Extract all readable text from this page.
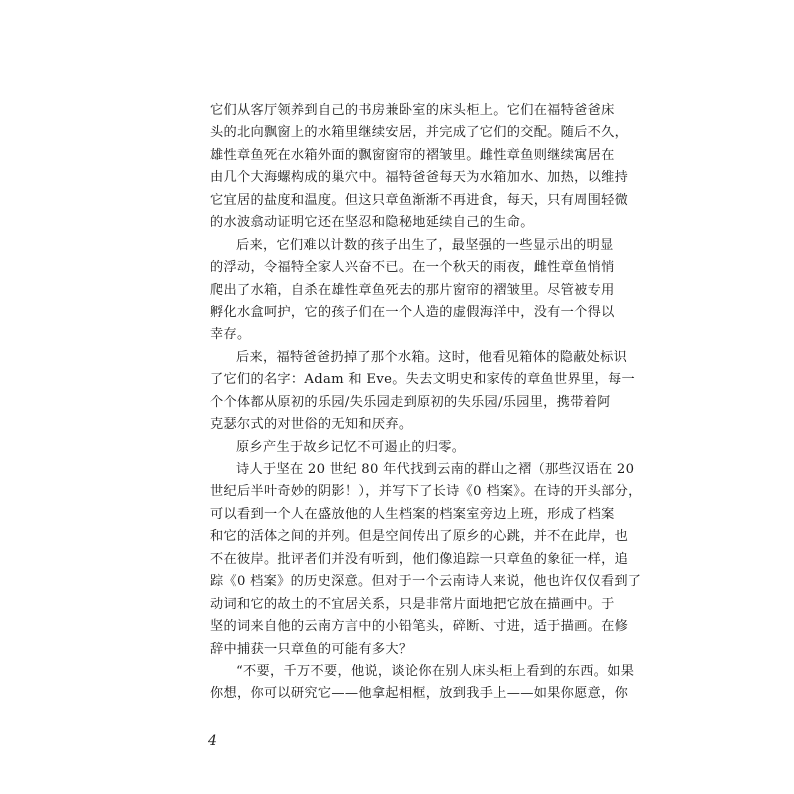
它们从客厅领养到自己的书房兼卧室的床头柜上。它们在福特爸爸床
头的北向飘窗上的水箱里继续安居，并完成了它们的交配。随后不久，
雄性章鱼死在水箱外面的飘窗窗帘的褶皱里。雌性章鱼则继续寓居在
由几个大海螺构成的巢穴中。福特爸爸每天为水箱加水、加热，以维持
它宜居的盐度和温度。但这只章鱼渐渐不再进食，每天，只有周围轻微
的水波翕动证明它还在坚忍和隐秘地延续自己的生命。
后来，它们难以计数的孩子出生了，最坚强的一些显示出的明显
的浮动，令福特全家人兴奋不已。在一个秋天的雨夜，雌性章鱼悄悄
爬出了水箱，自杀在雄性章鱼死去的那片窗帘的褶皱里。尽管被专用
孵化水盒呵护，它的孩子们在一个人造的虚假海洋中，没有一个得以
幸存。
后来，福特爸爸扔掉了那个水箱。这时，他看见箱体的隐蔽处标识
了它们的名字：Adam 和 Eve。失去文明史和家传的章鱼世界里，每一
个个体都从原初的乐园/失乐园走到原初的失乐园/乐园里，携带着阿
克瑟尔式的对世俗的无知和厌弃。
原乡产生于故乡记忆不可遏止的归零。
诗人于坚在 20 世纪 80 年代找到云南的群山之褶（那些汉语在 20
世纪后半叶奇妙的阴影！），并写下了长诗《0 档案》。在诗的开头部分，
可以看到一个人在盛放他的人生档案的档案室旁边上班，形成了档案
和它的活体之间的并列。但是空间传出了原乡的心跳，并不在此岸，也
不在彼岸。批评者们并没有听到，他们像追踪一只章鱼的象征一样，追
踪《0 档案》的历史深意。但对于一个云南诗人来说，他也许仅仅看到了
动词和它的故土的不宜居关系，只是非常片面地把它放在描画中。于
坚的词来自他的云南方言中的小铅笔头，碎断、寸进，适于描画。在修
辞中捕获一只章鱼的可能有多大？
“不要，千万不要，他说，谈论你在别人床头柜上看到的东西。如果
你想，你可以研究它——他拿起相框，放到我手上——如果你愿意，你
4
